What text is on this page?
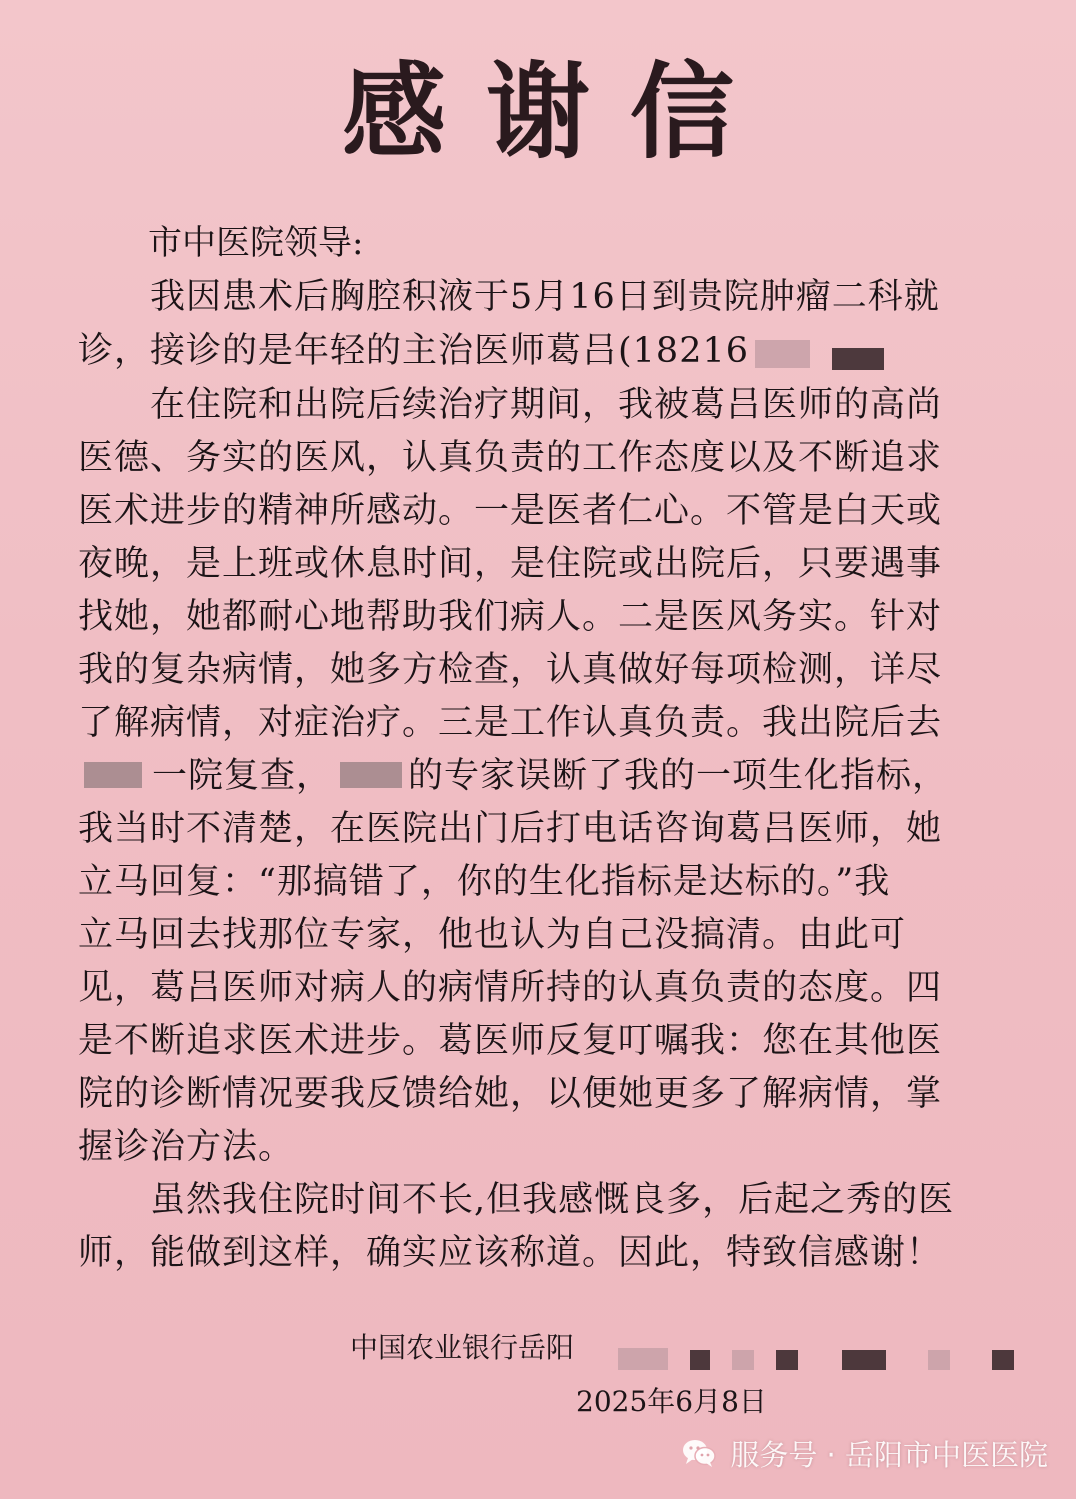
感谢信
市中医院领导:
我因患术后胸腔积液于5月16日到贵院肿瘤二科就
诊，接诊的是年轻的主治医师葛吕(18216
在住院和出院后续治疗期间，我被葛吕医师的高尚
医德、务实的医风，认真负责的工作态度以及不断追求
医术进步的精神所感动。一是医者仁心。不管是白天或
夜晚，是上班或休息时间，是住院或出院后，只要遇事
找她，她都耐心地帮助我们病人。二是医风务实。针对
我的复杂病情，她多方检查，认真做好每项检测，详尽
了解病情，对症治疗。三是工作认真负责。我出院后去
一院复查， 的专家误断了我的一项生化指标，
我当时不清楚，在医院出门后打电话咨询葛吕医师，她
立马回复：“那搞错了，你的生化指标是达标的。”我
立马回去找那位专家，他也认为自己没搞清。由此可
见，葛吕医师对病人的病情所持的认真负责的态度。四
是不断追求医术进步。葛医师反复叮嘱我：您在其他医
院的诊断情况要我反馈给她，以便她更多了解病情，掌
握诊治方法。
虽然我住院时间不长,但我感慨良多，后起之秀的医
师，能做到这样，确实应该称道。因此，特致信感谢！
中国农业银行岳阳
2025年6月8日
服务号 · 岳阳市中医医院
